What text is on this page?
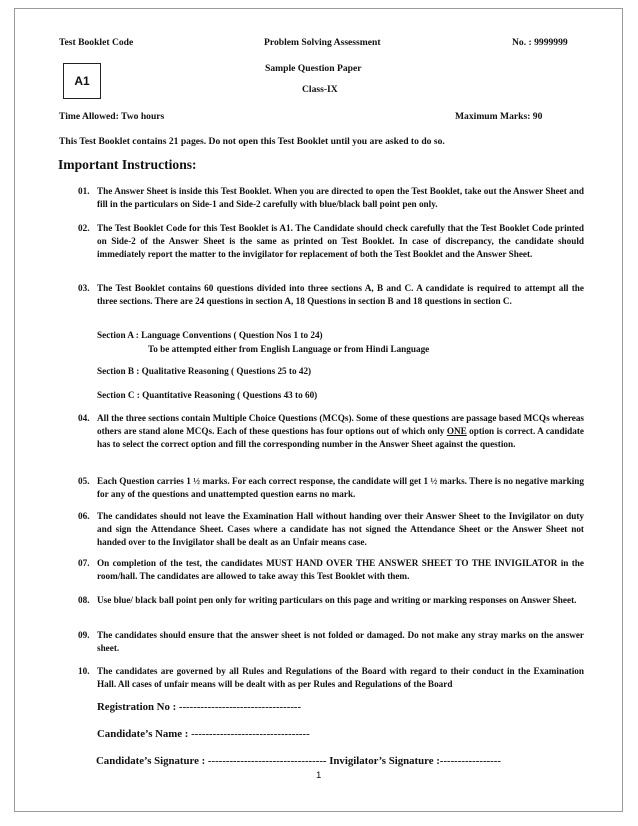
Test Booklet Code	Problem Solving Assessment	No. : 9999999
Sample Question Paper
Class-IX
A1
Time Allowed: Two hours	Maximum Marks: 90
This Test Booklet contains 21 pages. Do not open this Test Booklet until you are asked to do so.
Important Instructions:
01. The Answer Sheet is inside this Test Booklet. When you are directed to open the Test Booklet, take out the Answer Sheet and fill in the particulars on Side-1 and Side-2 carefully with blue/black ball point pen only.
02. The Test Booklet Code for this Test Booklet is A1. The Candidate should check carefully that the Test Booklet Code printed on Side-2 of the Answer Sheet is the same as printed on Test Booklet. In case of discrepancy, the candidate should immediately report the matter to the invigilator for replacement of both the Test Booklet and the Answer Sheet.
03. The Test Booklet contains 60 questions divided into three sections A, B and C. A candidate is required to attempt all the three sections. There are 24 questions in section A, 18 Questions in section B and 18 questions in section C.
Section A : Language Conventions ( Question Nos 1 to 24)
To be attempted either from English Language or from Hindi Language
Section B : Qualitative Reasoning ( Questions 25 to 42)
Section C : Quantitative Reasoning ( Questions 43 to 60)
04. All the three sections contain Multiple Choice Questions (MCQs). Some of these questions are passage based MCQs whereas others are stand alone MCQs. Each of these questions has four options out of which only ONE option is correct. A candidate has to select the correct option and fill the corresponding number in the Answer Sheet against the question.
05. Each Question carries 1 ½ marks. For each correct response, the candidate will get 1 ½ marks. There is no negative marking for any of the questions and unattempted question earns no mark.
06. The candidates should not leave the Examination Hall without handing over their Answer Sheet to the Invigilator on duty and sign the Attendance Sheet. Cases where a candidate has not signed the Attendance Sheet or the Answer Sheet not handed over to the Invigilator shall be dealt as an Unfair means case.
07. On completion of the test, the candidates MUST HAND OVER THE ANSWER SHEET TO THE INVIGILATOR in the room/hall. The candidates are allowed to take away this Test Booklet with them.
08. Use blue/ black ball point pen only for writing particulars on this page and writing or marking responses on Answer Sheet.
09. The candidates should ensure that the answer sheet is not folded or damaged. Do not make any stray marks on the answer sheet.
10. The candidates are governed by all Rules and Regulations of the Board with regard to their conduct in the Examination Hall. All cases of unfair means will be dealt with as per Rules and Regulations of the Board
Registration No : ----------------------------------
Candidate’s Name : ---------------------------------
Candidate’s Signature : --------------------------------- Invigilator’s Signature :-----------------
1
